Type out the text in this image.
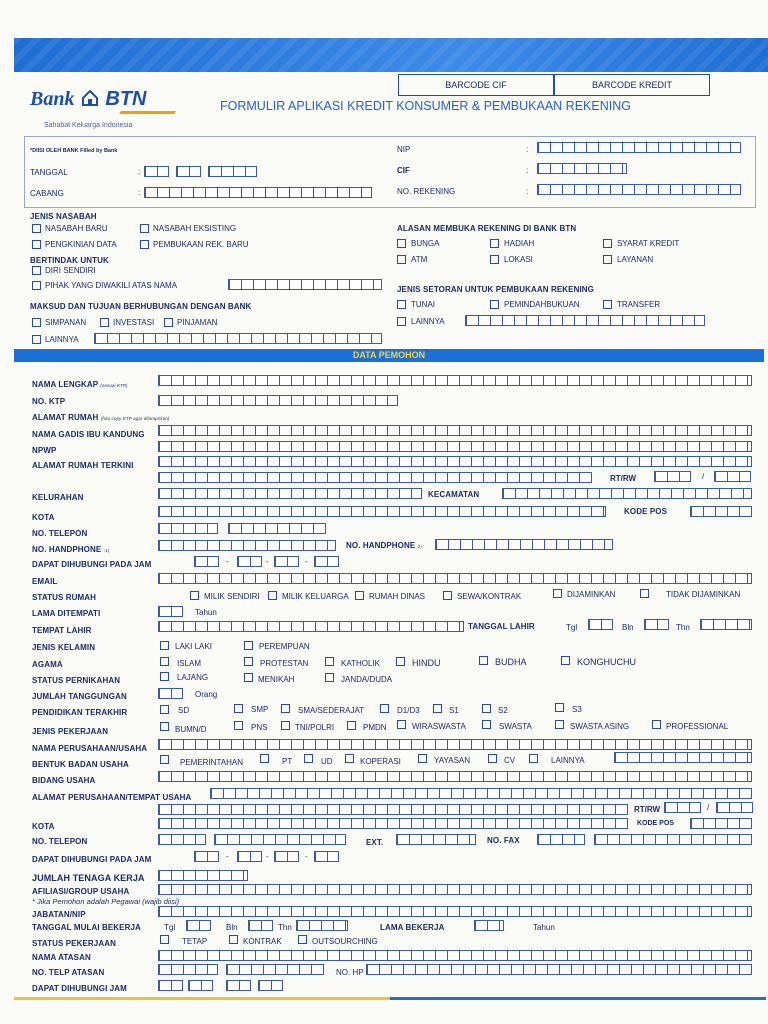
Bank BTN
Sahabat Keluarga Indonesia
BARCODE CIF	BARCODE KREDIT
FORMULIR APLIKASI KREDIT KONSUMER & PEMBUKAAN REKENING
*DIISI OLEH BANK Filled by Bank
TANGGAL	:
CABANG	:
NIP	:
CIF	:
NO. REKENING	:
JENIS NASABAH
NASABAH BARU	NASABAH EKSISTING
PENGKINIAN DATA	PEMBUKAAN REK. BARU
BERTINDAK UNTUK
DIRI SENDIRI
PIHAK YANG DIWAKILI ATAS NAMA
MAKSUD DAN TUJUAN BERHUBUNGAN DENGAN BANK
SIMPANAN	INVESTASI	PINJAMAN
LAINNYA
ALASAN MEMBUKA REKENING DI BANK BTN
BUNGA	HADIAH	SYARAT KREDIT
ATM	LOKASI	LAYANAN
JENIS SETORAN UNTUK PEMBUKAAN REKENING
TUNAI	PEMINDAHBUKUAN	TRANSFER
LAINNYA
DATA PEMOHON
NAMA LENGKAP (sesuai KTP)
NO. KTP
ALAMAT RUMAH (foto copy KTP agar dilampirkan)
NAMA GADIS IBU KANDUNG
NPWP
ALAMAT RUMAH TERKINI
RT/RW	/
KELURAHAN	KECAMATAN
KOTA
KODE POS
NO. TELEPON
NO. HANDPHONE :1)
NO. HANDPHONE 2)
DAPAT DIHUBUNGI PADA JAM	-	-	-
EMAIL
STATUS RUMAH	MILIK SENDIRI	MILIK KELUARGA	RUMAH DINAS	SEWA/KONTRAK	DIJAMINKAN	TIDAK DIJAMINKAN
LAMA DITEMPATI	Tahun
TEMPAT LAHIR	TANGGAL LAHIR	Tgl	Bln	Thn
JENIS KELAMIN	LAKI LAKI	PEREMPUAN
AGAMA	ISLAM	PROTESTAN	KATHOLIK	HINDU	BUDHA	KONGHUCHU
STATUS PERNIKAHAN	LAJANG	MENIKAH	JANDA/DUDA
JUMLAH TANGGUNGAN	Orang
PENDIDIKAN TERAKHIR	SD	SMP	SMA/SEDERAJAT	D1/D3	S1	S2	S3
JENIS PEKERJAAN	BUMN/D	PNS	TNI/POLRI	PMDN	WIRASWASTA	SWASTA	SWASTA ASING	PROFESSIONAL
NAMA PERUSAHAAN/USAHA
BENTUK BADAN USAHA	PEMERINTAHAN	PT	UD	KOPERASI	YAYASAN	CV	LAINNYA
BIDANG USAHA
ALAMAT PERUSAHAAN/TEMPAT USAHA
RT/RW	/
KOTA	KODE POS
NO. TELEPON	EXT.	NO. FAX
DAPAT DIHUBUNGI PADA JAM	-	-	-
JUMLAH TENAGA KERJA
AFILIASI/GROUP USAHA
* Jika Pemohon adalah Pegawai (wajib diisi)
JABATAN/NIP
TANGGAL MULAI BEKERJA	Tgl	Bln	Thn	LAMA BEKERJA	Tahun
STATUS PEKERJAAN	TETAP	KONTRAK	OUTSOURCHING
NAMA ATASAN
NO. TELP ATASAN	NO. HP
DAPAT DIHUBUNGI JAM
